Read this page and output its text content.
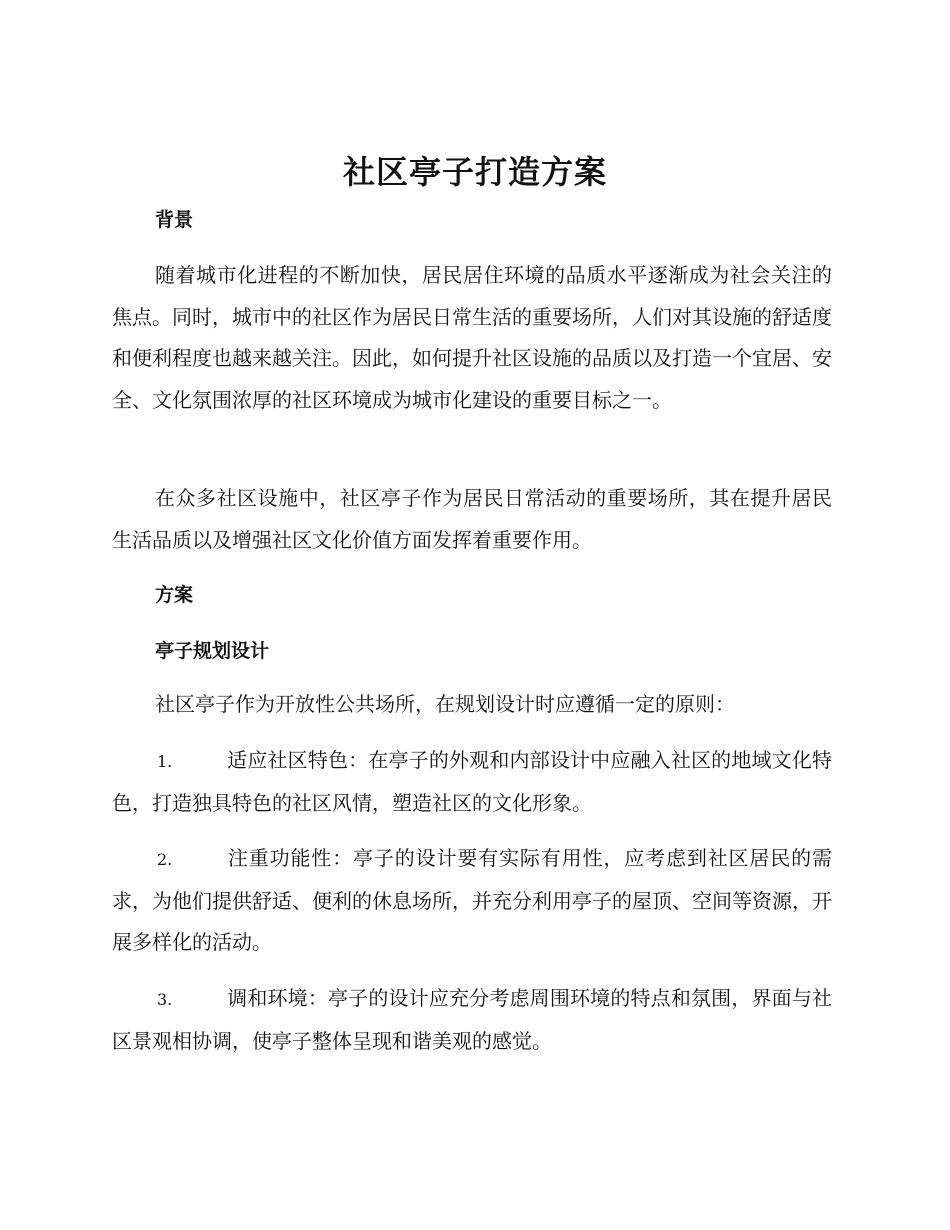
社区亭子打造方案
背景

随着城市化进程的不断加快，居民居住环境的品质水平逐渐成为社会关注的焦点。同时，城市中的社区作为居民日常生活的重要场所，人们对其设施的舒适度和便利程度也越来越关注。因此，如何提升社区设施的品质以及打造一个宜居、安全、文化氛围浓厚的社区环境成为城市化建设的重要目标之一。

在众多社区设施中，社区亭子作为居民日常活动的重要场所，其在提升居民生活品质以及增强社区文化价值方面发挥着重要作用。

方案
亭子规划设计

社区亭子作为开放性公共场所，在规划设计时应遵循一定的原则：

1.	适应社区特色：在亭子的外观和内部设计中应融入社区的地域文化特色，打造独具特色的社区风情，塑造社区的文化形象。

2.	注重功能性：亭子的设计要有实际有用性，应考虑到社区居民的需求，为他们提供舒适、便利的休息场所，并充分利用亭子的屋顶、空间等资源，开展多样化的活动。

3.	调和环境：亭子的设计应充分考虑周围环境的特点和氛围，界面与社区景观相协调，使亭子整体呈现和谐美观的感觉。
